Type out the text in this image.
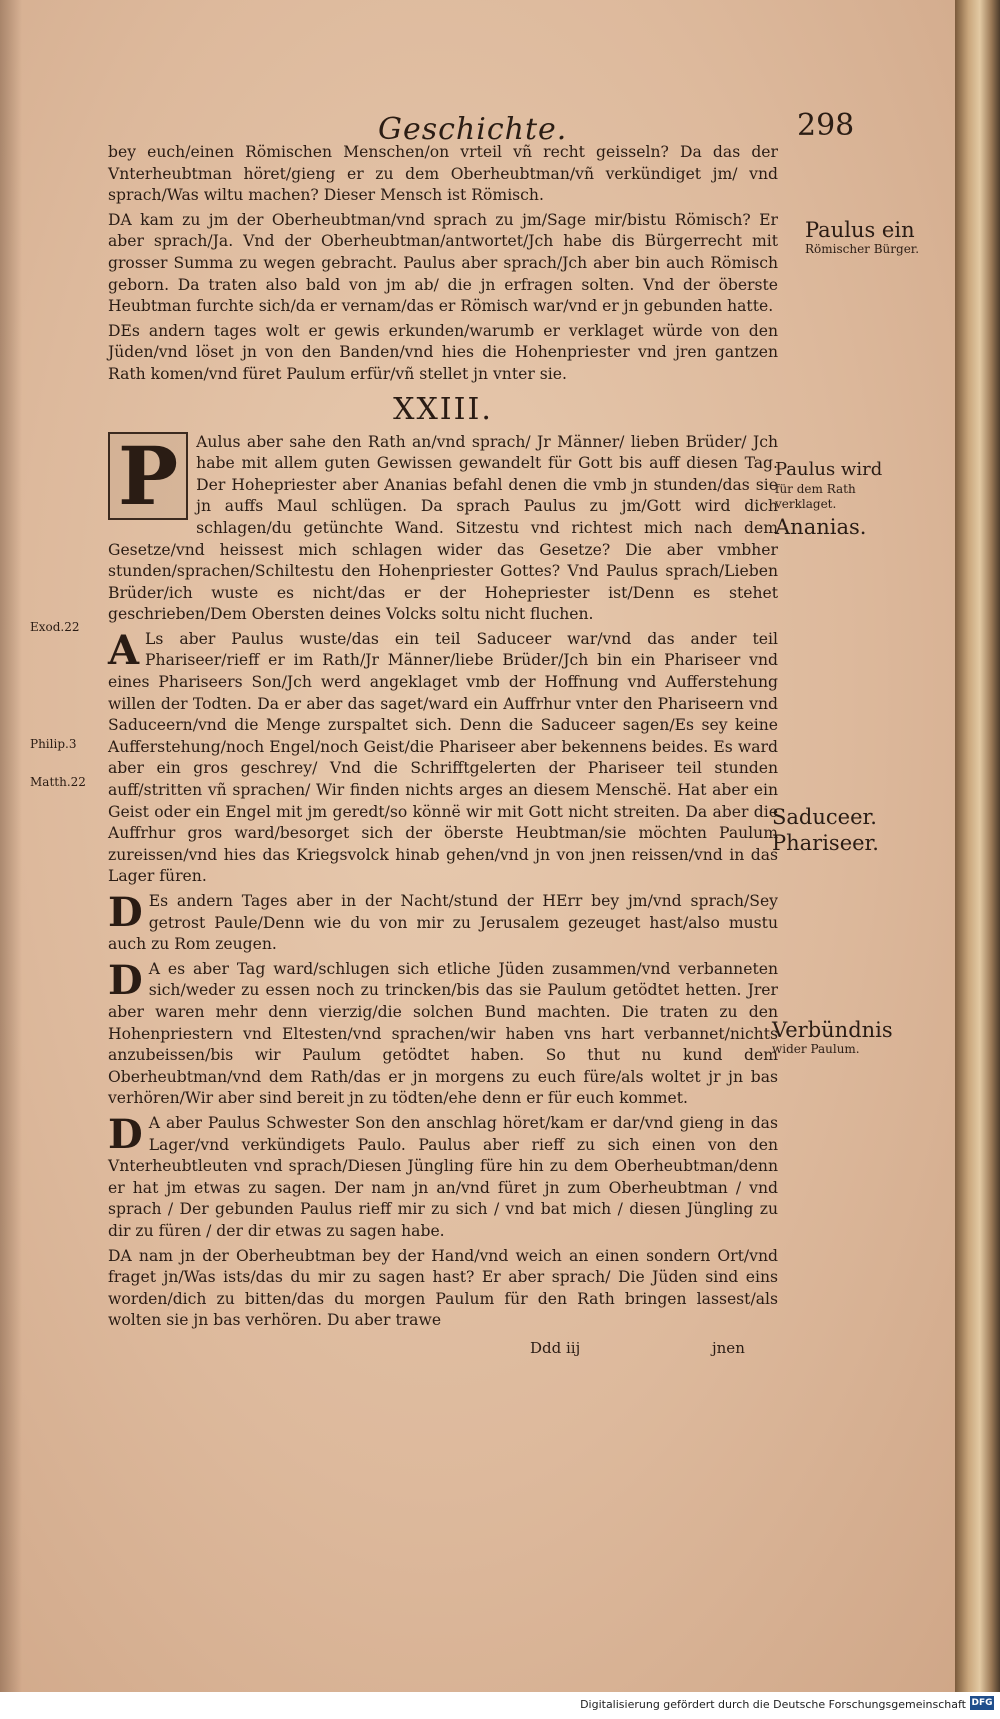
Geschichte.	298

bey euch/einen Römischen Menschen/on vrteil vñ recht geisseln? Da das der Vnterheubtman höret/gieng er zu dem Oberheubtman/vñ verkündiget jm/ vnd sprach/Was wiltu machen? Dieser Mensch ist Römisch.

DA kam zu jm der Oberheubtman/vnd sprach zu jm/Sage mir/bistu Römisch? Er aber sprach/Ja. Vnd der Oberheubtman/antwortet/Jch habe dis Bürgerrecht mit grosser Summa zu wegen gebracht. Paulus aber sprach/Jch aber bin auch Römisch geborn. Da traten also bald von jm ab/ die jn erfragen solten. Vnd der öberste Heubtman furchte sich/da er vernam/das er Römisch war/vnd er jn gebunden hatte.

DEs andern tages wolt er gewis erkunden/warumb er verklaget würde von den Jüden/vnd löset jn von den Banden/vnd hies die Hohenpriester vnd jren gantzen Rath komen/vnd füret Paulum erfür/vñ stellet jn vnter sie.

XXIII.

P	Aulus aber sahe den Rath an/vnd sprach/ Jr Männer/ lieben Brüder/ Jch habe mit allem guten Gewissen gewandelt für Gott bis auff diesen Tag. Der Hohepriester aber Ananias befahl denen die vmb jn stunden/das sie jn auffs Maul schlügen. Da sprach Paulus zu jm/Gott wird dich schlagen/du getünchte Wand. Sitzestu vnd richtest mich nach dem Gesetze/vnd heissest mich schlagen wider das Gesetze? Die aber vmbher stunden/sprachen/Schiltestu den Hohenpriester Gottes? Vnd Paulus sprach/Lieben Brüder/ich wuste es nicht/das er der Hohepriester ist/Denn es stehet geschrieben/Dem Obersten deines Volcks soltu nicht fluchen.

A Ls aber Paulus wuste/das ein teil Saduceer war/vnd das ander teil Phariseer/rieff er im Rath/Jr Männer/liebe Brüder/Jch bin ein Phariseer vnd eines Phariseers Son/Jch werd angeklaget vmb der Hoffnung vnd Aufferstehung willen der Todten. Da er aber das saget/ward ein Auffrhur vnter den Phariseern vnd Saduceern/vnd die Menge zurspaltet sich. Denn die Saduceer sagen/Es sey keine Aufferstehung/noch Engel/noch Geist/die Phariseer aber bekennens beides. Es ward aber ein gros geschrey/ Vnd die Schrifftgelerten der Phariseer teil stunden auff/stritten vñ sprachen/ Wir finden nichts arges an diesem Menschë. Hat aber ein Geist oder ein Engel mit jm geredt/so könnë wir mit Gott nicht streiten. Da aber die Auffrhur gros ward/besorget sich der öberste Heubtman/sie möchten Paulum zureissen/vnd hies das Kriegsvolck hinab gehen/vnd jn von jnen reissen/vnd in das Lager füren.

D Es andern Tages aber in der Nacht/stund der HErr bey jm/vnd sprach/Sey getrost Paule/Denn wie du von mir zu Jerusalem gezeuget hast/also mustu auch zu Rom zeugen.

D A es aber Tag ward/schlugen sich etliche Jüden zusammen/vnd verbanneten sich/weder zu essen noch zu trincken/bis das sie Paulum getödtet hetten. Jrer aber waren mehr denn vierzig/die solchen Bund machten. Die traten zu den Hohenpriestern vnd Eltesten/vnd sprachen/wir haben vns hart verbannet/nichts anzubeissen/bis wir Paulum getödtet haben. So thut nu kund dem Oberheubtman/vnd dem Rath/das er jn morgens zu euch füre/als woltet jr jn bas verhören/Wir aber sind bereit jn zu tödten/ehe denn er für euch kommet.

D A aber Paulus Schwester Son den anschlag höret/kam er dar/vnd gieng in das Lager/vnd verkündigets Paulo. Paulus aber rieff zu sich einen von den Vnterheubtleuten vnd sprach/Diesen Jüngling füre hin zu dem Oberheubtman/denn er hat jm etwas zu sagen. Der nam jn an/vnd füret jn zum Oberheubtman / vnd sprach / Der gebunden Paulus rieff mir zu sich / vnd bat mich / diesen Jüngling zu dir zu füren / der dir etwas zu sagen habe.

DA nam jn der Oberheubtman bey der Hand/vnd weich an einen sondern Ort/vnd fraget jn/Was ists/das du mir zu sagen hast? Er aber sprach/ Die Jüden sind eins worden/dich zu bitten/das du morgen Paulum für den Rath bringen lassest/als wolten sie jn bas verhören. Du aber trawe

Paulus ein
Römischer Bürger.
Paulus wird
für dem Rath verklaget.
Ananias.
Saduceer.
Phariseer.
Verbündnis
wider Paulum.
Exod.22
Philip.3
Matth.22
Ddd iij	jnen
Digitalisierung gefördert durch die Deutsche Forschungsgemeinschaft DFG
